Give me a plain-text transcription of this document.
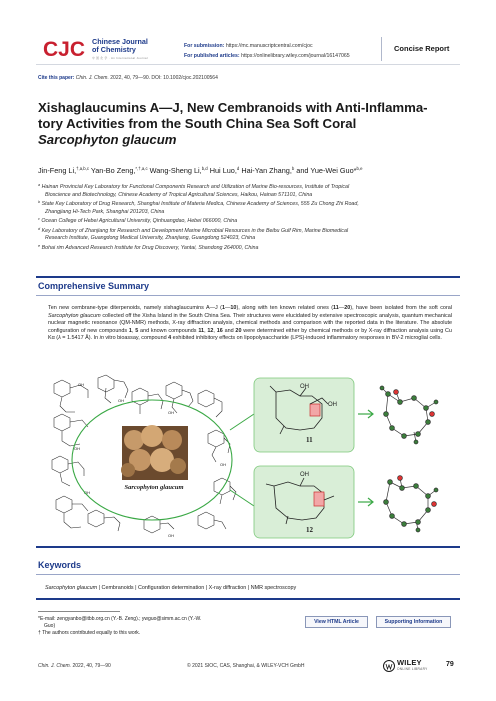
CJC Chinese Journal
of Chemistry
中 国 化 学 · An International Journal
For submission: https://mc.manuscriptcentral.com/cjoc
For published articles: https://onlinelibrary.wiley.com/journal/16147065
Concise Report
Cite this paper: Chin. J. Chem. 2022, 40, 79—90. DOI: 10.1002/cjoc.202100564
Xishaglaucumins A—J, New Cembranoids with Anti-Inflamma-
tory Activities from the South China Sea Soft Coral
Sarcophyton glaucum
Jin-Feng Li,$^{\dagger,a,b,c}$ Yan-Bo Zeng,$^{*,\dagger,a,c}$ Wang-Sheng Li,$^{b,d}$ Hui Luo,$^d$ Hai-Yan Zhang,$^b$ and Yue-Wei Guo*$^{b,e}$
$^a$ Hainan Provincial Key Laboratory for Functional Components Research and Utilization of Marine Bio-resources, Institute of Tropical
Bioscience and Biotechnology, Chinese Academy of Tropical Agricultural Sciences, Haikou, Hainan 571101, China
$^b$ State Key Laboratory of Drug Research, Shanghai Institute of Materia Medica, Chinese Academy of Sciences, 555 Zu Chong Zhi Road,
Zhangjiang Hi-Tech Park, Shanghai 201203, China
$^c$ Ocean College of Hebei Agricultural University, Qinhuangdao, Hebei 066000, China
$^d$ Key Laboratory of Zhanjiang for Research and Development Marine Microbial Resources in the Beibu Gulf Rim, Marine Biomedical
Research Institute, Guangdong Medical University, Zhanjiang, Guangdong 524023, China
$^e$ Bohai rim Advanced Research Institute for Drug Discovery, Yantai, Shandong 264000, China
Comprehensive Summary
Ten new cembrane-type diterpenoids, namely xishaglaucumins A—J (1—10), along with ten known related ones (11—20), have been isolated from the soft coral Sarcophyton glaucum collected off the Xisha Island in the South China Sea. Their structures were elucidated by extensive spectroscopic analysis, quantum mechanical nuclear magnetic resonance (QM-NMR) methods, X-ray diffraction analysis, chemical methods and comparison with the reported data in the literature. The absolute configuration of new compounds 1, 5 and known compounds 11, 12, 16 and 20 were determined either by chemical methods or by X-ray diffraction analysis using Cu Kα (λ = 1.5417 Å). In in vitro bioassay, compound 4 exhibited inhibitory effects on lipopolysaccharide (LPS)-induced inflammatory responses in BV-2 microglial cells.
OH
OH
OH
OH
OH
OH
OH
Sarcophyton glaucum
OH
OH
11
OH
12
Keywords
Sarcophyton glaucum | Cembranoids | Configuration determination | X-ray diffraction | NMR spectroscopy
*E-mail: zengyanbo@itbb.org.cn (Y.-B. Zeng).; ywguo@simm.ac.cn (Y.-W.
Guo)
† The authors contributed equally to this work.
View HTML Article	Supporting Information
Chin. J. Chem. 2022, 40, 79—90	© 2021 SIOC, CAS, Shanghai, & WILEY-VCH GmbH	WILEY
ONLINE LIBRARY
79
